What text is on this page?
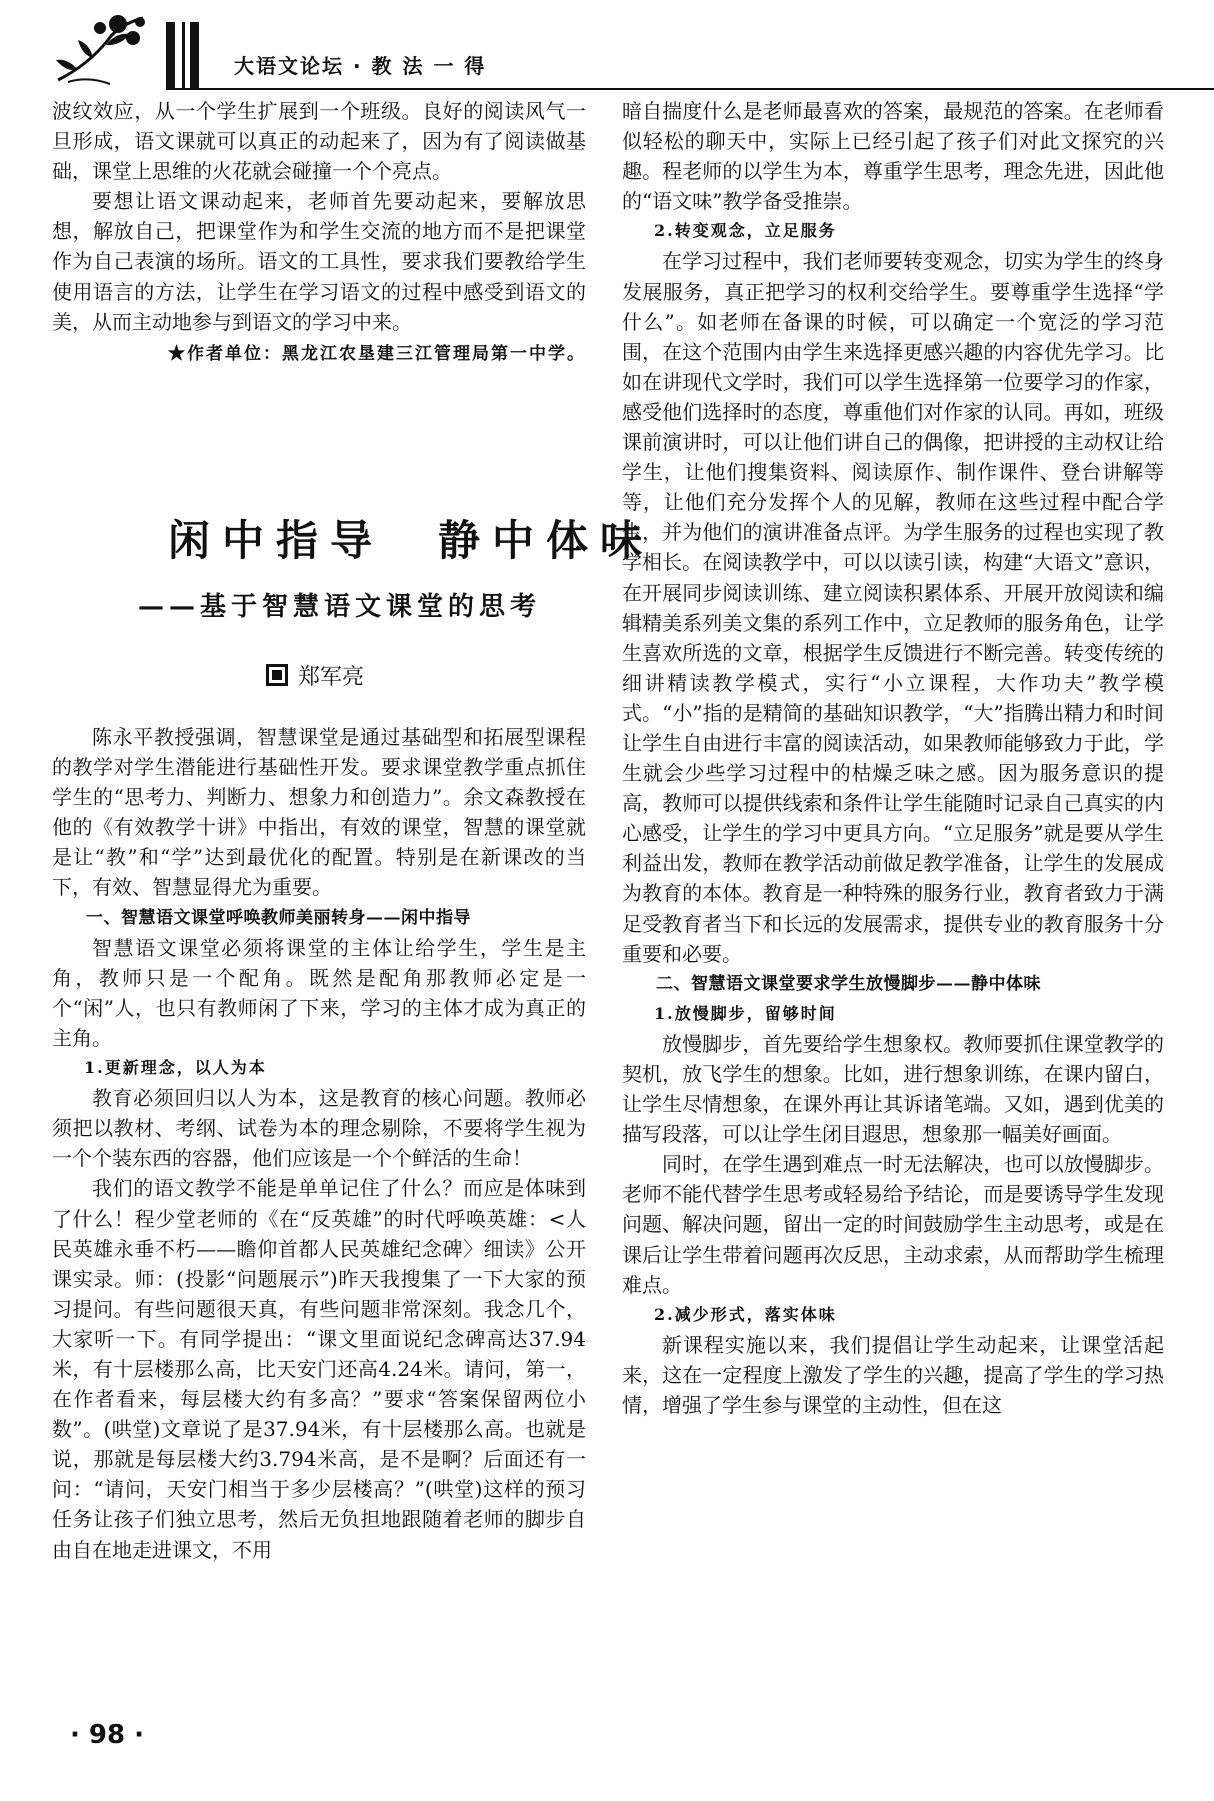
大语文论坛 · 教 法 一 得

波纹效应，从一个学生扩展到一个班级。良好的阅读风气一旦形成，语文课就可以真正的动起来了，因为有了阅读做基础，课堂上思维的火花就会碰撞一个个亮点。

要想让语文课动起来，老师首先要动起来，要解放思想，解放自己，把课堂作为和学生交流的地方而不是把课堂作为自己表演的场所。语文的工具性，要求我们要教给学生使用语言的方法，让学生在学习语文的过程中感受到语文的美，从而主动地参与到语文的学习中来。

★作者单位：黑龙江农垦建三江管理局第一中学。
闲中指导　静中体味
——基于智慧语文课堂的思考
郑军亮

陈永平教授强调，智慧课堂是通过基础型和拓展型课程的教学对学生潜能进行基础性开发。要求课堂教学重点抓住学生的“思考力、判断力、想象力和创造力”。余文森教授在他的《有效教学十讲》中指出，有效的课堂，智慧的课堂就是让“教”和“学”达到最优化的配置。特别是在新课改的当下，有效、智慧显得尤为重要。

一、智慧语文课堂呼唤教师美丽转身——闲中指导

智慧语文课堂必须将课堂的主体让给学生，学生是主角，教师只是一个配角。既然是配角那教师必定是一个“闲”人，也只有教师闲了下来，学习的主体才成为真正的主角。

1.更新理念，以人为本

教育必须回归以人为本，这是教育的核心问题。教师必须把以教材、考纲、试卷为本的理念剔除，不要将学生视为一个个装东西的容器，他们应该是一个个鲜活的生命！

我们的语文教学不能是单单记住了什么？而应是体味到了什么！程少堂老师的《在“反英雄”的时代呼唤英雄：<人民英雄永垂不朽——瞻仰首都人民英雄纪念碑〉细读》公开课实录。师：(投影“问题展示”)昨天我搜集了一下大家的预习提问。有些问题很天真，有些问题非常深刻。我念几个，大家听一下。有同学提出：“课文里面说纪念碑高达37.94米，有十层楼那么高，比天安门还高4.24米。请问，第一，在作者看来，每层楼大约有多高？”要求“答案保留两位小数”。(哄堂)文章说了是37.94米，有十层楼那么高。也就是说，那就是每层楼大约3.794米高，是不是啊？后面还有一问：“请问，天安门相当于多少层楼高？”(哄堂)这样的预习任务让孩子们独立思考，然后无负担地跟随着老师的脚步自由自在地走进课文，不用

暗自揣度什么是老师最喜欢的答案，最规范的答案。在老师看似轻松的聊天中，实际上已经引起了孩子们对此文探究的兴趣。程老师的以学生为本，尊重学生思考，理念先进，因此他的“语文味”教学备受推崇。

2.转变观念，立足服务

在学习过程中，我们老师要转变观念，切实为学生的终身发展服务，真正把学习的权利交给学生。要尊重学生选择“学什么”。如老师在备课的时候，可以确定一个宽泛的学习范围，在这个范围内由学生来选择更感兴趣的内容优先学习。比如在讲现代文学时，我们可以学生选择第一位要学习的作家，感受他们选择时的态度，尊重他们对作家的认同。再如，班级课前演讲时，可以让他们讲自己的偶像，把讲授的主动权让给学生，让他们搜集资料、阅读原作、制作课件、登台讲解等等，让他们充分发挥个人的见解，教师在这些过程中配合学生，并为他们的演讲准备点评。为学生服务的过程也实现了教学相长。在阅读教学中，可以以读引读，构建“大语文”意识，在开展同步阅读训练、建立阅读积累体系、开展开放阅读和编辑精美系列美文集的系列工作中，立足教师的服务角色，让学生喜欢所选的文章，根据学生反馈进行不断完善。转变传统的细讲精读教学模式，实行“小立课程，大作功夫”教学模式。“小”指的是精简的基础知识教学，“大”指腾出精力和时间让学生自由进行丰富的阅读活动，如果教师能够致力于此，学生就会少些学习过程中的枯燥乏味之感。因为服务意识的提高，教师可以提供线索和条件让学生能随时记录自己真实的内心感受，让学生的学习中更具方向。“立足服务”就是要从学生利益出发，教师在教学活动前做足教学准备，让学生的发展成为教育的本体。教育是一种特殊的服务行业，教育者致力于满足受教育者当下和长远的发展需求，提供专业的教育服务十分重要和必要。

二、智慧语文课堂要求学生放慢脚步——静中体味

1.放慢脚步，留够时间

放慢脚步，首先要给学生想象权。教师要抓住课堂教学的契机，放飞学生的想象。比如，进行想象训练，在课内留白，让学生尽情想象，在课外再让其诉诸笔端。又如，遇到优美的描写段落，可以让学生闭目遐思，想象那一幅美好画面。

同时，在学生遇到难点一时无法解决，也可以放慢脚步。老师不能代替学生思考或轻易给予结论，而是要诱导学生发现问题、解决问题，留出一定的时间鼓励学生主动思考，或是在课后让学生带着问题再次反思，主动求索，从而帮助学生梳理难点。

2.减少形式，落实体味

新课程实施以来，我们提倡让学生动起来，让课堂活起来，这在一定程度上激发了学生的兴趣，提高了学生的学习热情，增强了学生参与课堂的主动性，但在这

· 98 ·
